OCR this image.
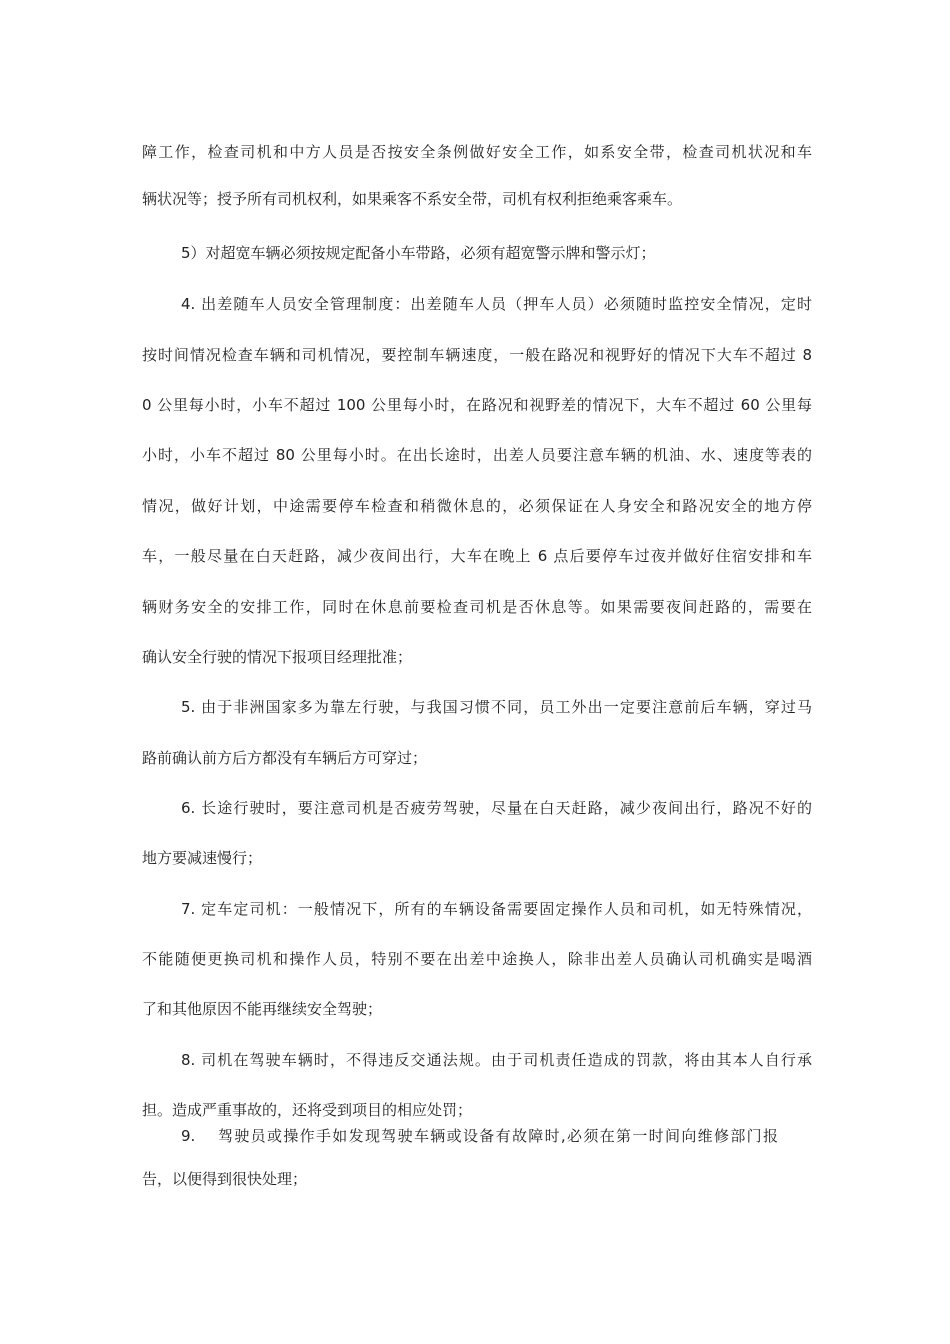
障工作，检查司机和中方人员是否按安全条例做好安全工作，如系安全带，检查司机状况和车
辆状况等；授予所有司机权利，如果乘客不系安全带，司机有权利拒绝乘客乘车。
5）对超宽车辆必须按规定配备小车带路，必须有超宽警示牌和警示灯；
4. 出差随车人员安全管理制度：出差随车人员（押车人员）必须随时监控安全情况，定时
按时间情况检查车辆和司机情况，要控制车辆速度，一般在路况和视野好的情况下大车不超过 8
0 公里每小时，小车不超过 100 公里每小时，在路况和视野差的情况下，大车不超过 60 公里每
小时，小车不超过 80 公里每小时。在出长途时，出差人员要注意车辆的机油、水、速度等表的
情况，做好计划，中途需要停车检查和稍微休息的，必须保证在人身安全和路况安全的地方停
车，一般尽量在白天赶路，减少夜间出行，大车在晚上 6 点后要停车过夜并做好住宿安排和车
辆财务安全的安排工作，同时在休息前要检查司机是否休息等。如果需要夜间赶路的，需要在
确认安全行驶的情况下报项目经理批准；
5. 由于非洲国家多为靠左行驶，与我国习惯不同，员工外出一定要注意前后车辆，穿过马
路前确认前方后方都没有车辆后方可穿过；
6. 长途行驶时，要注意司机是否疲劳驾驶，尽量在白天赶路，减少夜间出行，路况不好的
地方要减速慢行；
7. 定车定司机：一般情况下，所有的车辆设备需要固定操作人员和司机，如无特殊情况，
不能随便更换司机和操作人员，特别不要在出差中途换人，除非出差人员确认司机确实是喝酒
了和其他原因不能再继续安全驾驶；
8. 司机在驾驶车辆时，不得违反交通法规。由于司机责任造成的罚款，将由其本人自行承
担。造成严重事故的，还将受到项目的相应处罚；
9. 驾驶员或操作手如发现驾驶车辆或设备有故障时,必须在第一时间向维修部门报
告，以便得到很快处理；
